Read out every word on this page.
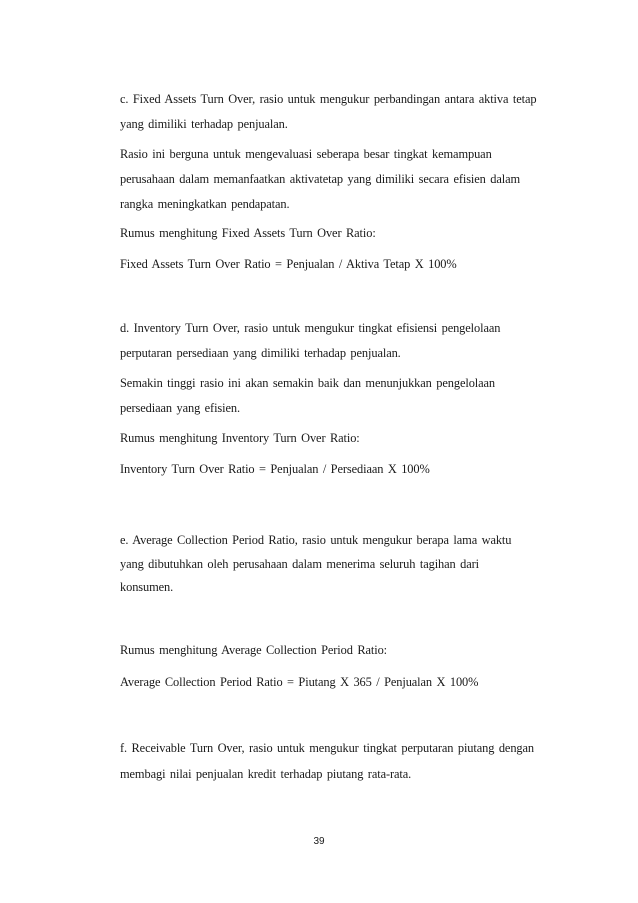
c. Fixed Assets Turn Over, rasio untuk mengukur perbandingan antara aktiva tetap
yang dimiliki terhadap penjualan.
Rasio ini berguna untuk mengevaluasi seberapa besar tingkat kemampuan
perusahaan dalam memanfaatkan aktivatetap yang dimiliki secara efisien dalam
rangka meningkatkan pendapatan.
Rumus menghitung Fixed Assets Turn Over Ratio:
Fixed Assets Turn Over Ratio = Penjualan / Aktiva Tetap X 100%
d. Inventory Turn Over, rasio untuk mengukur tingkat efisiensi pengelolaan
perputaran persediaan yang dimiliki terhadap penjualan.
Semakin tinggi rasio ini akan semakin baik dan menunjukkan pengelolaan
persediaan yang efisien.
Rumus menghitung Inventory Turn Over Ratio:
Inventory Turn Over Ratio = Penjualan / Persediaan X 100%
e. Average Collection Period Ratio, rasio untuk mengukur berapa lama waktu
yang dibutuhkan oleh perusahaan dalam menerima seluruh tagihan dari
konsumen.
Rumus menghitung Average Collection Period Ratio:
Average Collection Period Ratio = Piutang X 365 / Penjualan X 100%
f. Receivable Turn Over, rasio untuk mengukur tingkat perputaran piutang dengan
membagi nilai penjualan kredit terhadap piutang rata-rata.
39
